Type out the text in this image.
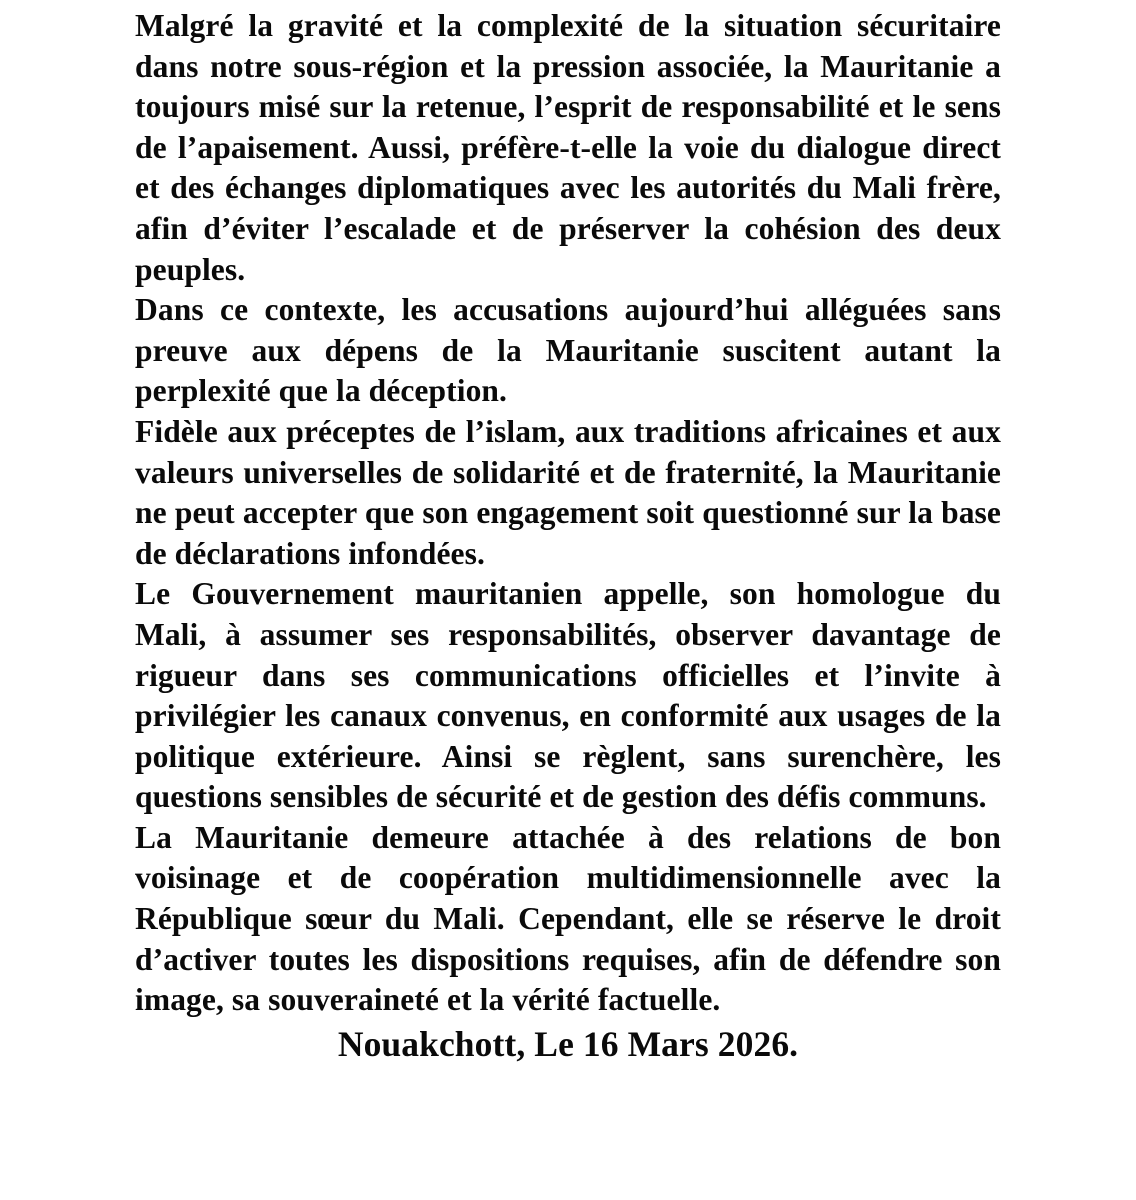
Malgré la gravité et la complexité de la situation sécuritaire dans notre sous-région et la pression associée, la Mauritanie a toujours misé sur la retenue, l’esprit de responsabilité et le sens de l’apaisement. Aussi, préfère-t-elle la voie du dialogue direct et des échanges diplomatiques avec les autorités du Mali frère, afin d’éviter l’escalade et de préserver la cohésion des deux peuples.

Dans ce contexte, les accusations aujourd’hui alléguées sans preuve aux dépens de la Mauritanie suscitent autant la perplexité que la déception.

Fidèle aux préceptes de l’islam, aux traditions africaines et aux valeurs universelles de solidarité et de fraternité, la Mauritanie ne peut accepter que son engagement soit questionné sur la base de déclarations infondées.

Le Gouvernement mauritanien appelle, son homologue du Mali, à assumer ses responsabilités, observer davantage de rigueur dans ses communications officielles et l’invite à privilégier les canaux convenus, en conformité aux usages de la politique extérieure. Ainsi se règlent, sans surenchère, les questions sensibles de sécurité et de gestion des défis communs.

La Mauritanie demeure attachée à des relations de bon voisinage et de coopération multidimensionnelle avec la République sœur du Mali. Cependant, elle se réserve le droit d’activer toutes les dispositions requises, afin de défendre son image, sa souveraineté et la vérité factuelle.

Nouakchott, Le 16 Mars 2026.
